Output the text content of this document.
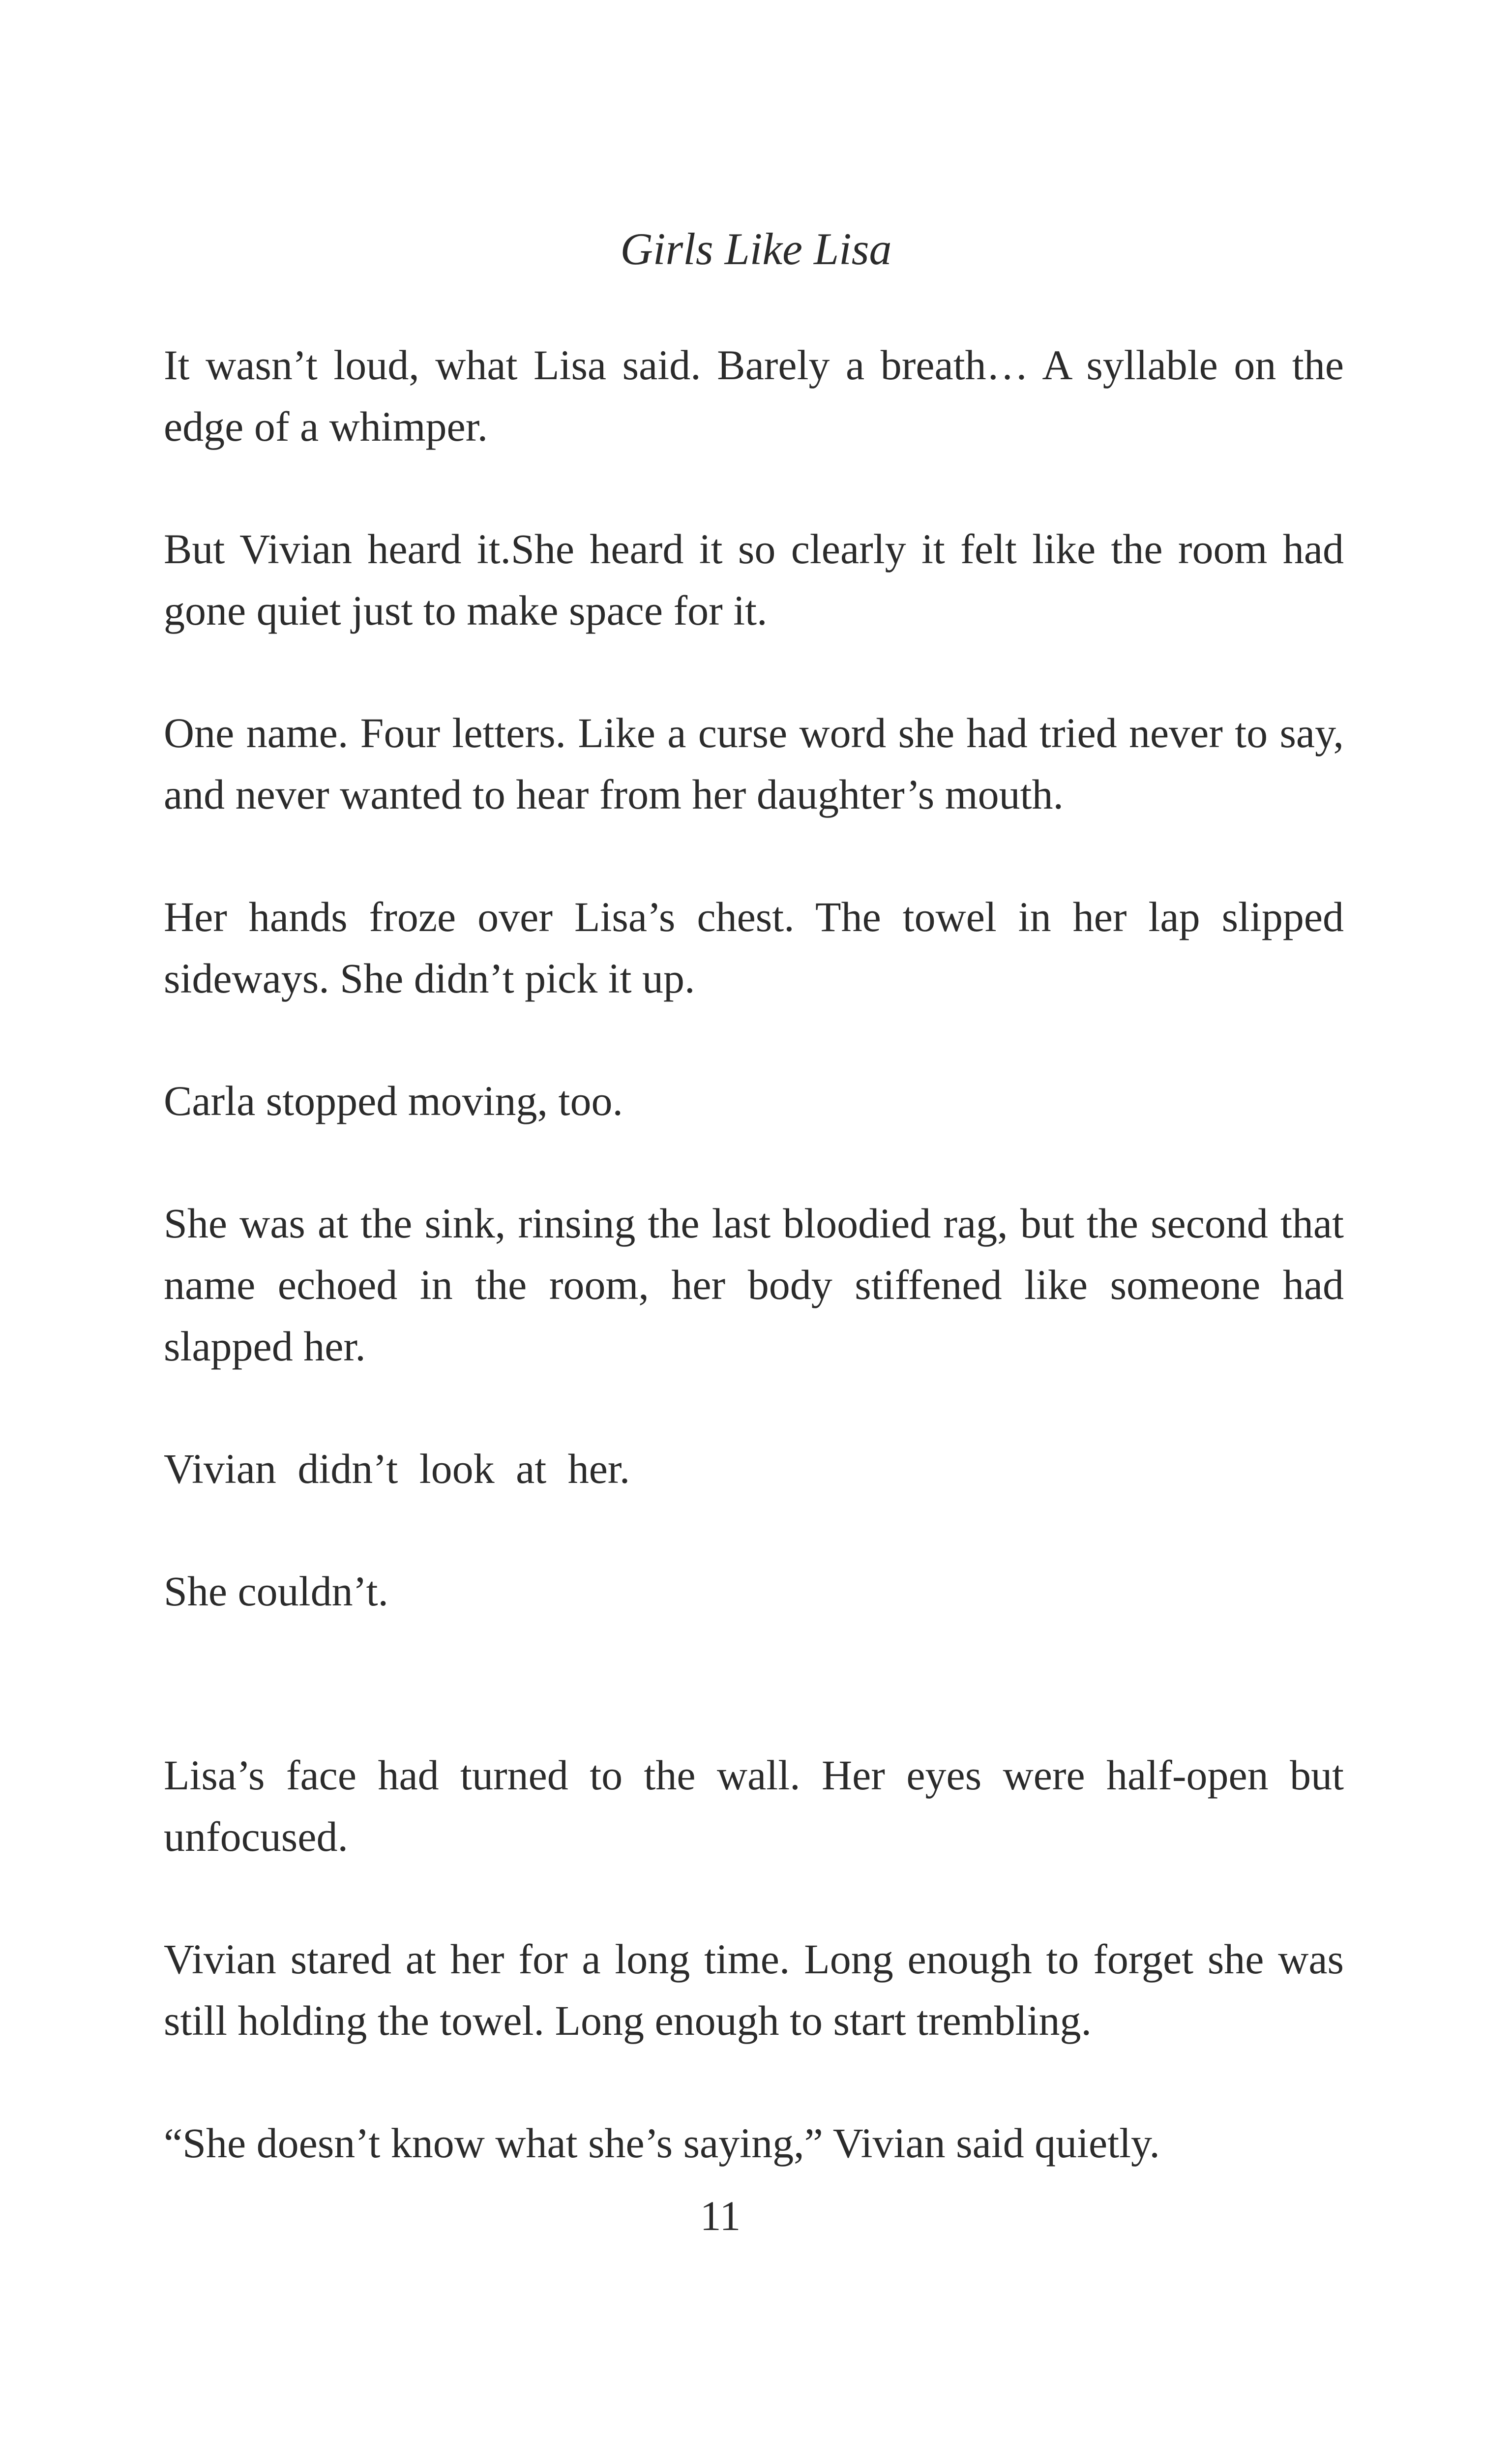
Girls Like Lisa

It wasn’t loud, what Lisa said. Barely a breath… A syllable on the edge of a whimper.

But Vivian heard it.She heard it so clearly it felt like the room had gone quiet just to make space for it.

One name. Four letters. Like a curse word she had tried never to say, and never wanted to hear from her daughter’s mouth.

Her hands froze over Lisa’s chest. The towel in her lap slipped sideways. She didn’t pick it up.

Carla stopped moving, too.

She was at the sink, rinsing the last bloodied rag, but the second that name echoed in the room, her body stiffened like someone had slapped her.

Vivian didn’t look at her.

She couldn’t.

Lisa’s face had turned to the wall. Her eyes were half-open but unfocused.

Vivian stared at her for a long time. Long enough to forget she was still holding the towel. Long enough to start trembling.

“She doesn’t know what she’s saying,” Vivian said quietly.

11
